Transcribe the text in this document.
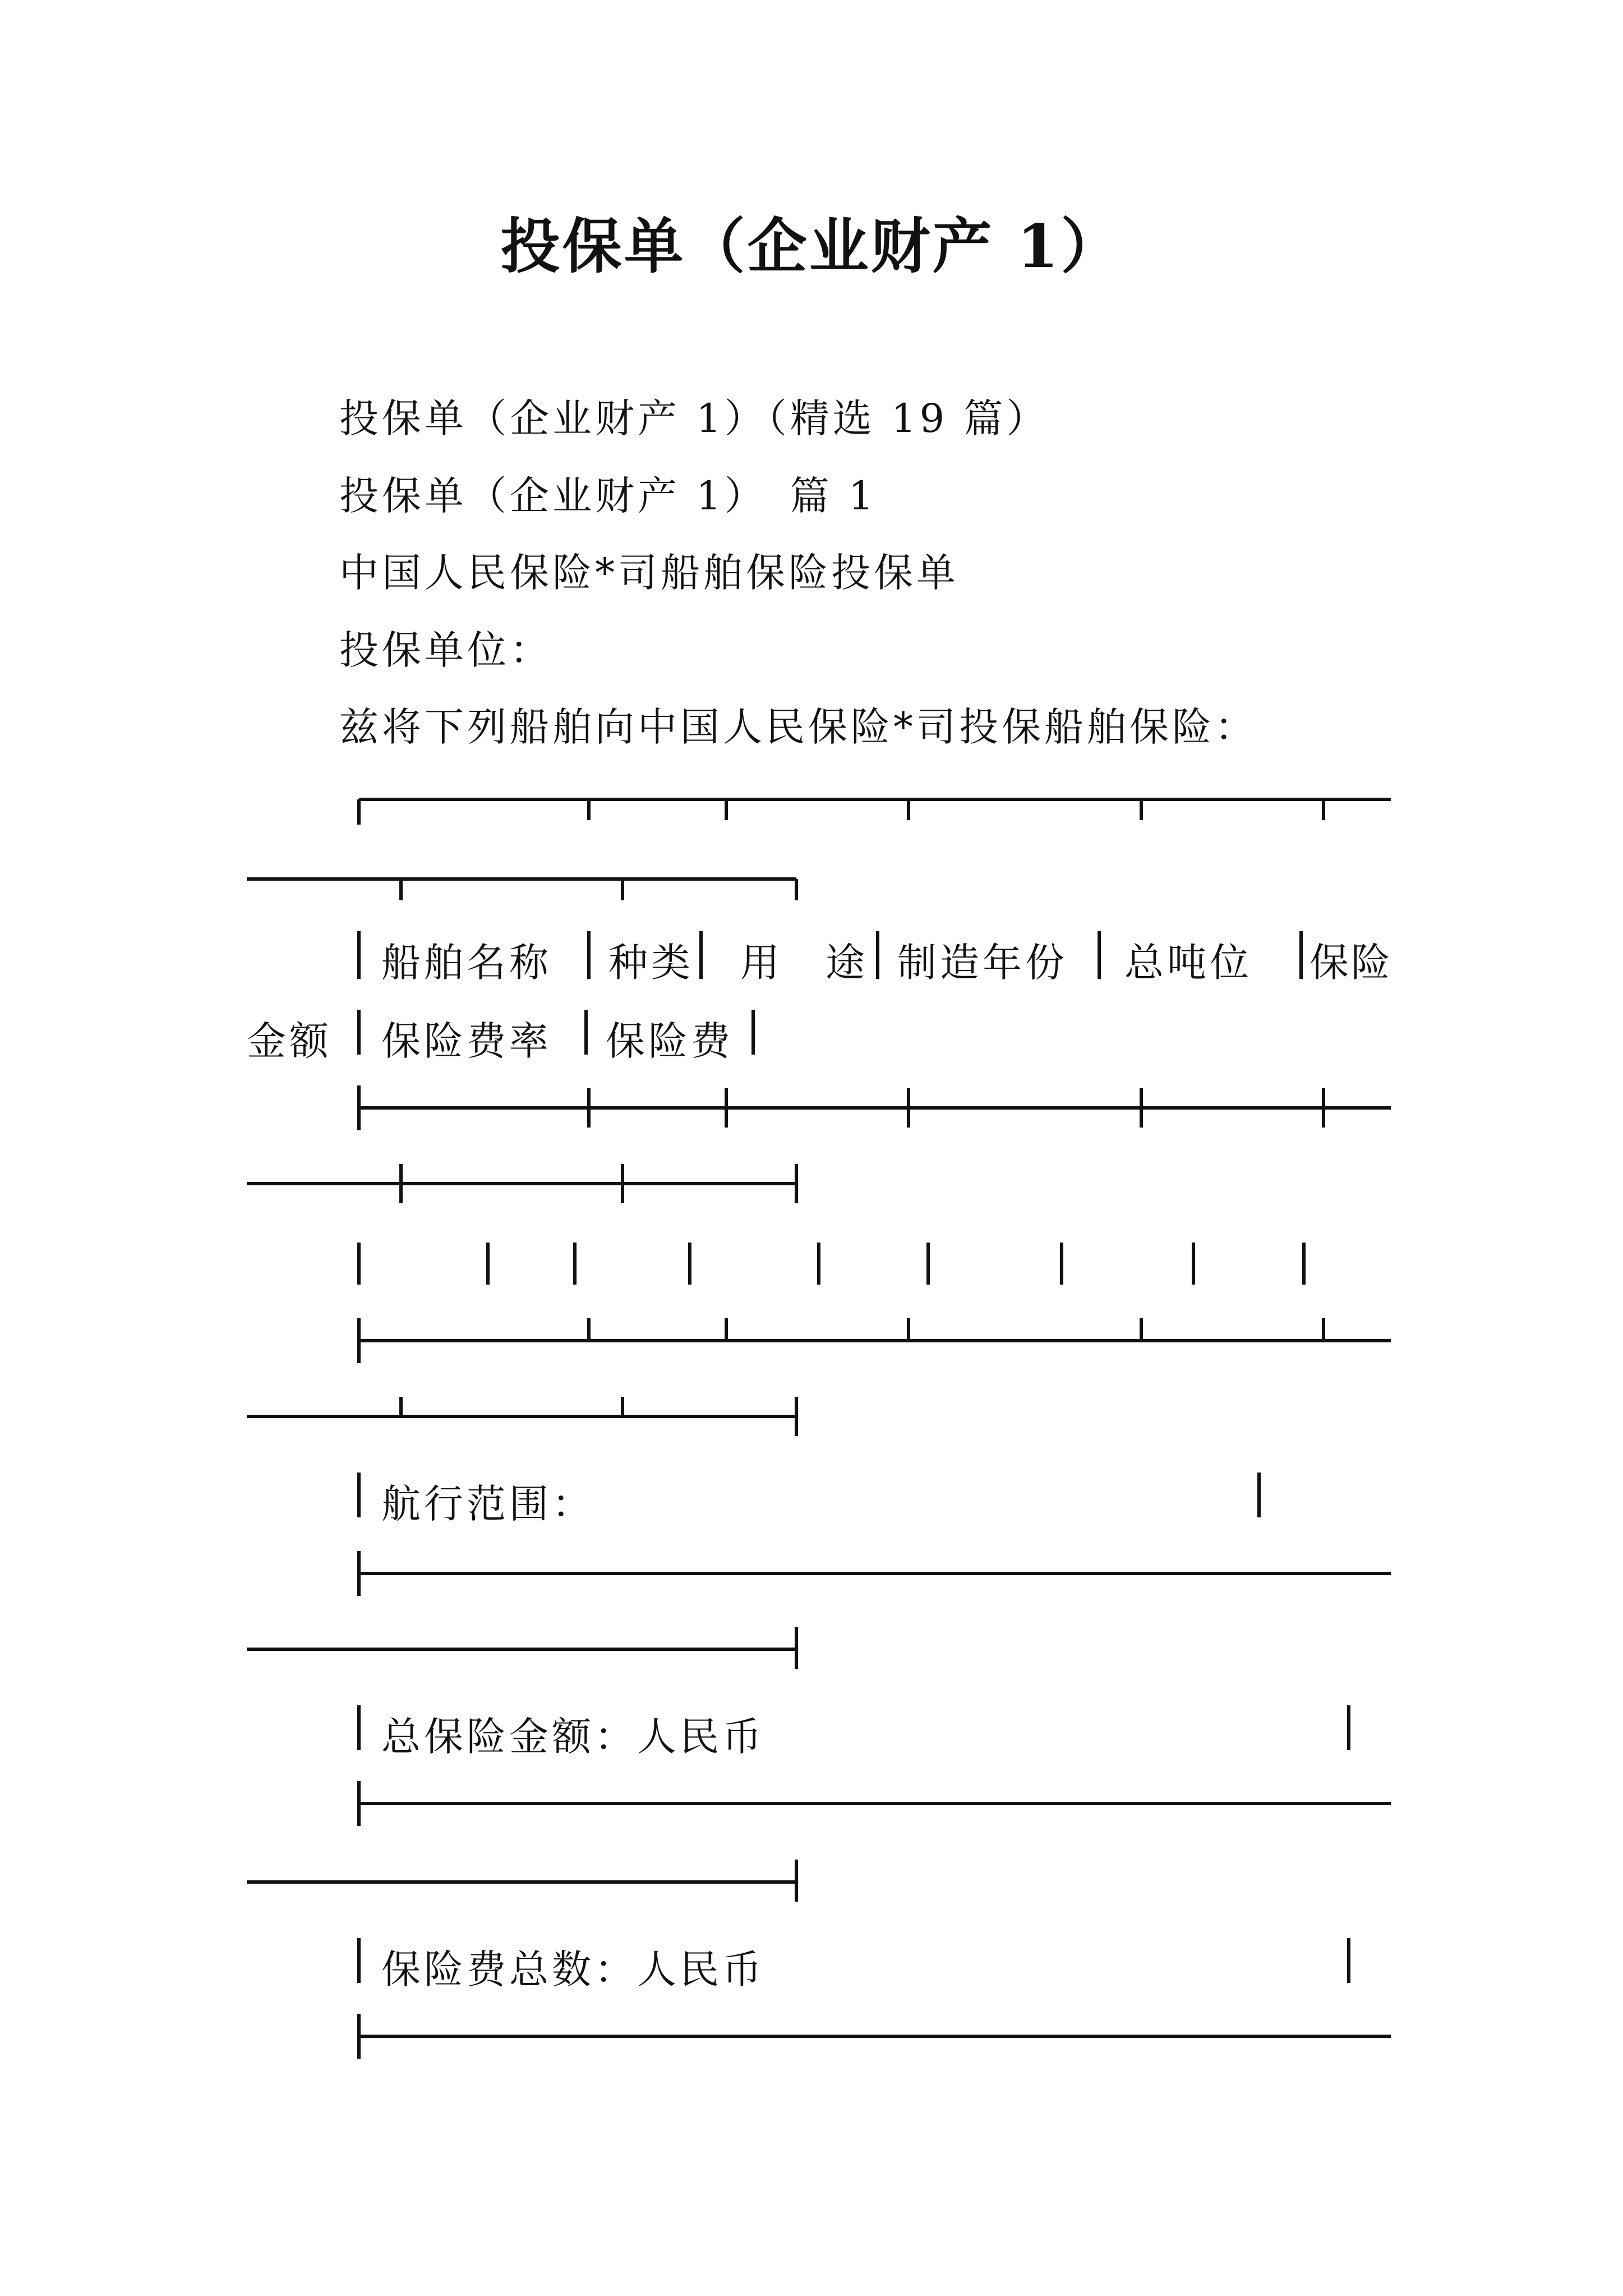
投保单（企业财产 1）
投保单（企业财产 1）（精选 19 篇）
投保单（企业财产 1）　篇 1
中国人民保险*司船舶保险投保单
投保单位：
兹将下列船舶向中国人民保险*司投保船舶保险：
船舶名称 种类 用　途 制造年份 总吨位 保险
金额 保险费率 保险费
航行范围：
总保险金额：人民币
保险费总数：人民币
